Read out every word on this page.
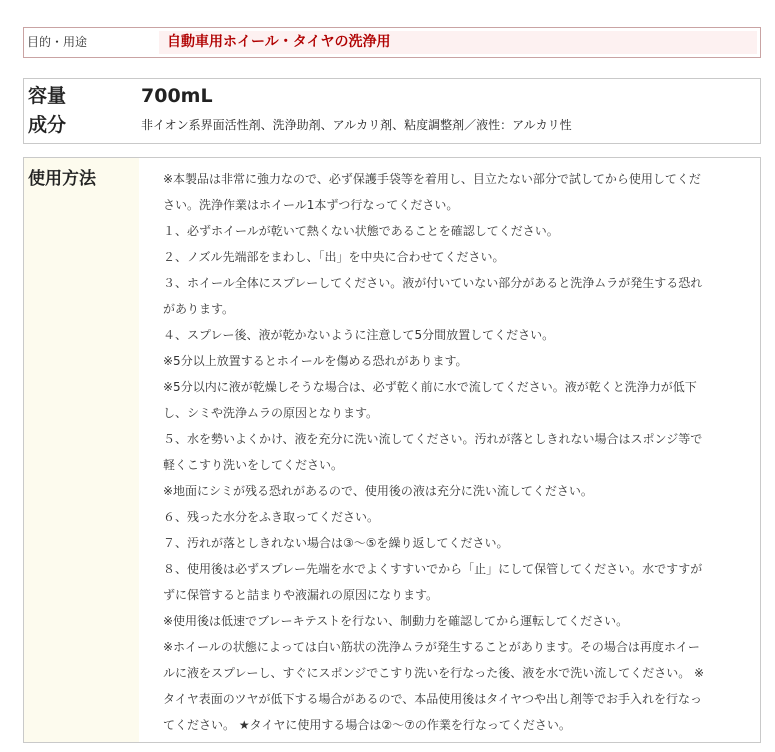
目的・用途	自動車用ホイール・タイヤの洗浄用
容量	700mL
成分	非イオン系界面活性剤、洗浄助剤、アルカリ剤、粘度調整剤／液性：アルカリ性
使用方法	※本製品は非常に強力なので、必ず保護手袋等を着用し、目立たない部分で試してから使用してくだ

さい。洗浄作業はホイール1本ずつ行なってください。

１、必ずホイールが乾いて熱くない状態であることを確認してください。

２、ノズル先端部をまわし、「出」を中央に合わせてください。

３、ホイール全体にスプレーしてください。液が付いていない部分があると洗浄ムラが発生する恐れ

があります。

４、スプレー後、液が乾かないように注意して5分間放置してください。

※5分以上放置するとホイールを傷める恐れがあります。

※5分以内に液が乾燥しそうな場合は、必ず乾く前に水で流してください。液が乾くと洗浄力が低下

し、シミや洗浄ムラの原因となります。

５、水を勢いよくかけ、液を充分に洗い流してください。汚れが落としきれない場合はスポンジ等で

軽くこすり洗いをしてください。

※地面にシミが残る恐れがあるので、使用後の液は充分に洗い流してください。

６、残った水分をふき取ってください。

７、汚れが落としきれない場合は③～⑤を繰り返してください。

８、使用後は必ずスプレー先端を水でよくすすいでから「止」にして保管してください。水ですすが

ずに保管すると詰まりや液漏れの原因になります。

※使用後は低速でブレーキテストを行ない、制動力を確認してから運転してください。

※ホイールの状態によっては白い筋状の洗浄ムラが発生することがあります。その場合は再度ホイー

ルに液をスプレーし、すぐにスポンジでこすり洗いを行なった後、液を水で洗い流してください。 ※

タイヤ表面のツヤが低下する場合があるので、本品使用後はタイヤつや出し剤等でお手入れを行なっ

てください。 ★タイヤに使用する場合は②～⑦の作業を行なってください。
